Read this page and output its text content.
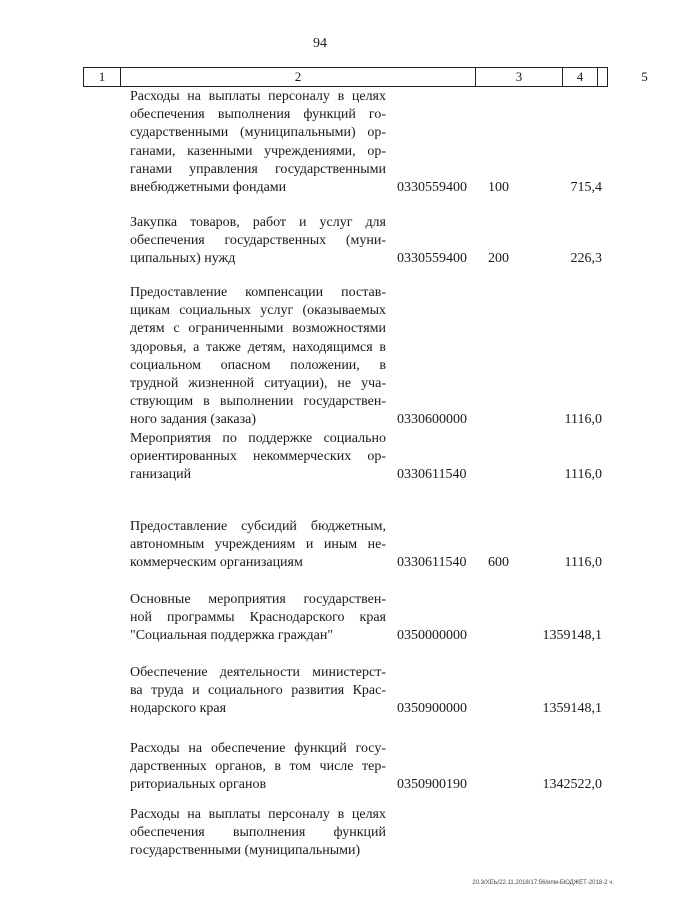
94
1	2	3	4	5
Расходы на выплаты персоналу в целях
обеспечения выполнения функций го-
сударственными (муниципальными) ор-
ганами, казенными учреждениями, ор-
ганами управления государственными
внебюджетными фондами	0330559400 100	715,4
Закупка товаров, работ и услуг для
обеспечения государственных (муни-
ципальных) нужд	0330559400 200	226,3
Предоставление компенсации постав-
щикам социальных услуг (оказываемых
детям с ограниченными возможностями
здоровья, а также детям, находящимся в
социальном опасном положении, в
трудной жизненной ситуации), не уча-
ствующим в выполнении государствен-
ного задания (заказа)	0330600000	1116,0
Мероприятия по поддержке социально
ориентированных некоммерческих ор-
ганизаций	0330611540	1116,0
Предоставление субсидий бюджетным,
автономным учреждениям и иным не-
коммерческим организациям	0330611540 600	1116,0
Основные мероприятия государствен-
ной программы Краснодарского края
"Социальная поддержка граждан"	0350000000	1359148,1
Обеспечение деятельности министерст-
ва труда и социального развития Крас-
нодарского края	0350900000	1359148,1
Расходы на обеспечение функций госу-
дарственных органов, в том числе тер-
риториальных органов	0350900190	1342522,0
Расходы на выплаты персоналу в целях
обеспечения выполнения функций
государственными (муниципальными)
20.3/ХЕЬ/22.11.2018/17:56/ипм-БЮДЖЕТ-2018-2 ч.
